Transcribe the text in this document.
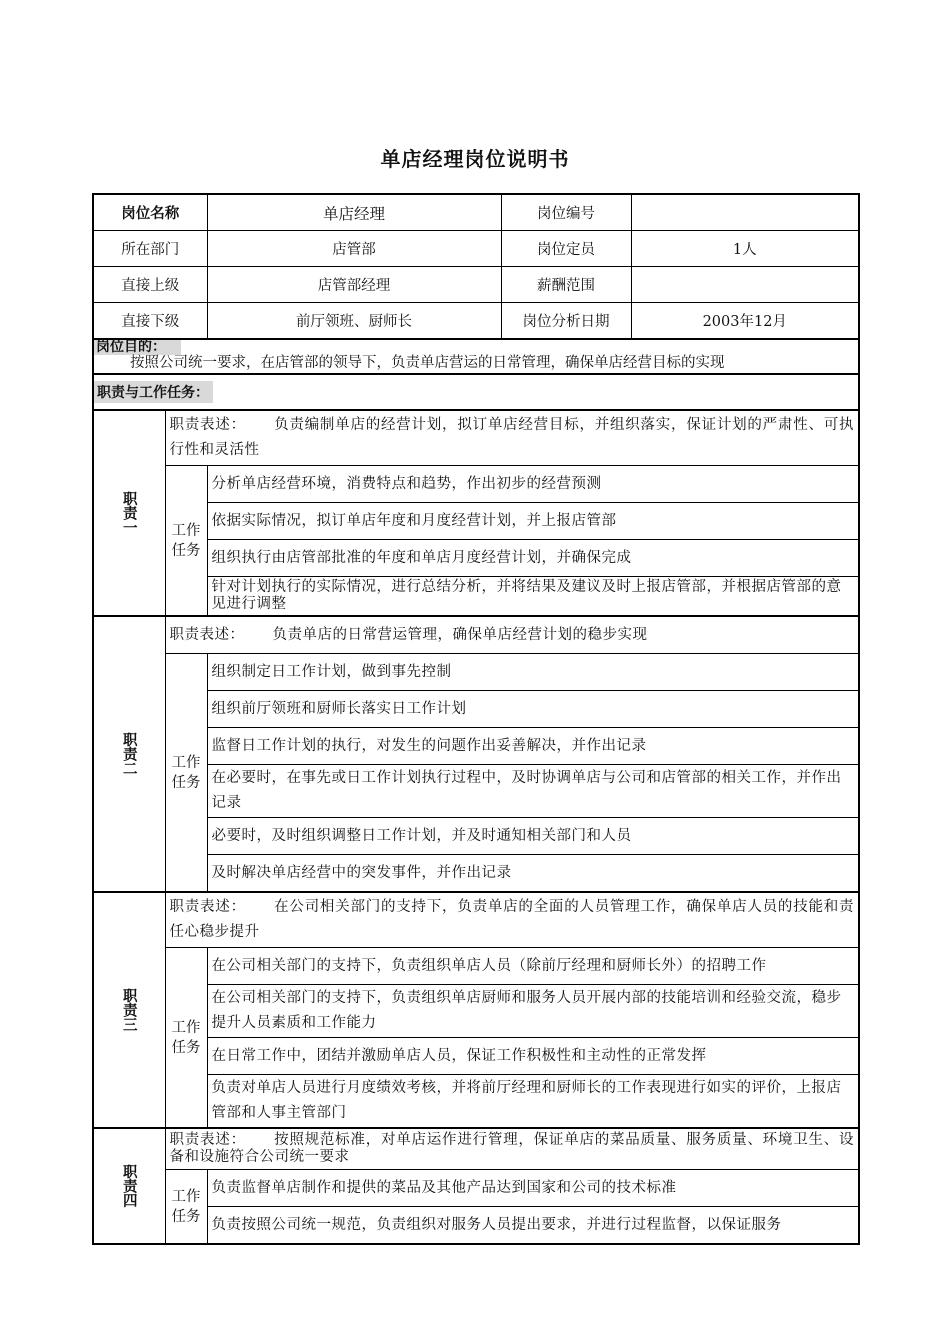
单店经理岗位说明书
岗位名称		单店经理	岗位编号	
所在部门		店管部	岗位定员	1人
直接上级		店管部经理	薪酬范围	
直接下级		前厅领班、厨师长	岗位分析日期	2003年12月

岗位目的：
按照公司统一要求，在店管部的领导下，负责单店营运的日常管理，确保单店经营目标的实现				

职责与工作任务：				

职责一	职责表述： 负责编制单店的经营计划，拟订单店经营目标，并组织落实，保证计划的严肃性、可执行性和灵活性			

	工作任务	分析单店经营环境，消费特点和趋势，作出初步的经营预测		
		依据实际情况，拟订单店年度和月度经营计划，并上报店管部		
		组织执行由店管部批准的年度和单店月度经营计划，并确保完成		
		针对计划执行的实际情况，进行总结分析，并将结果及建议及时上报店管部，并根据店管部的意见进行调整		

职责二	职责表述： 负责单店的日常营运管理，确保单店经营计划的稳步实现			

	工作任务	组织制定日工作计划，做到事先控制		
		组织前厅领班和厨师长落实日工作计划		
		监督日工作计划的执行，对发生的问题作出妥善解决，并作出记录		
		在必要时，在事先或日工作计划执行过程中，及时协调单店与公司和店管部的相关工作，并作出记录		
		必要时，及时组织调整日工作计划，并及时通知相关部门和人员		
		及时解决单店经营中的突发事件，并作出记录		

职责三	职责表述： 在公司相关部门的支持下，负责单店的全面的人员管理工作，确保单店人员的技能和责任心稳步提升			

	工作任务	在公司相关部门的支持下，负责组织单店人员（除前厅经理和厨师长外）的招聘工作		
		在公司相关部门的支持下，负责组织单店厨师和服务人员开展内部的技能培训和经验交流，稳步提升人员素质和工作能力		
		在日常工作中，团结并激励单店人员，保证工作积极性和主动性的正常发挥		
		负责对单店人员进行月度绩效考核，并将前厅经理和厨师长的工作表现进行如实的评价，上报店管部和人事主管部门		

职责四	职责表述： 按照规范标准，对单店运作进行管理，保证单店的菜品质量、服务质量、环境卫生、设备和设施符合公司统一要求			

	工作任务	负责监督单店制作和提供的菜品及其他产品达到国家和公司的技术标准		
		负责按照公司统一规范，负责组织对服务人员提出要求，并进行过程监督，以保证服务		
